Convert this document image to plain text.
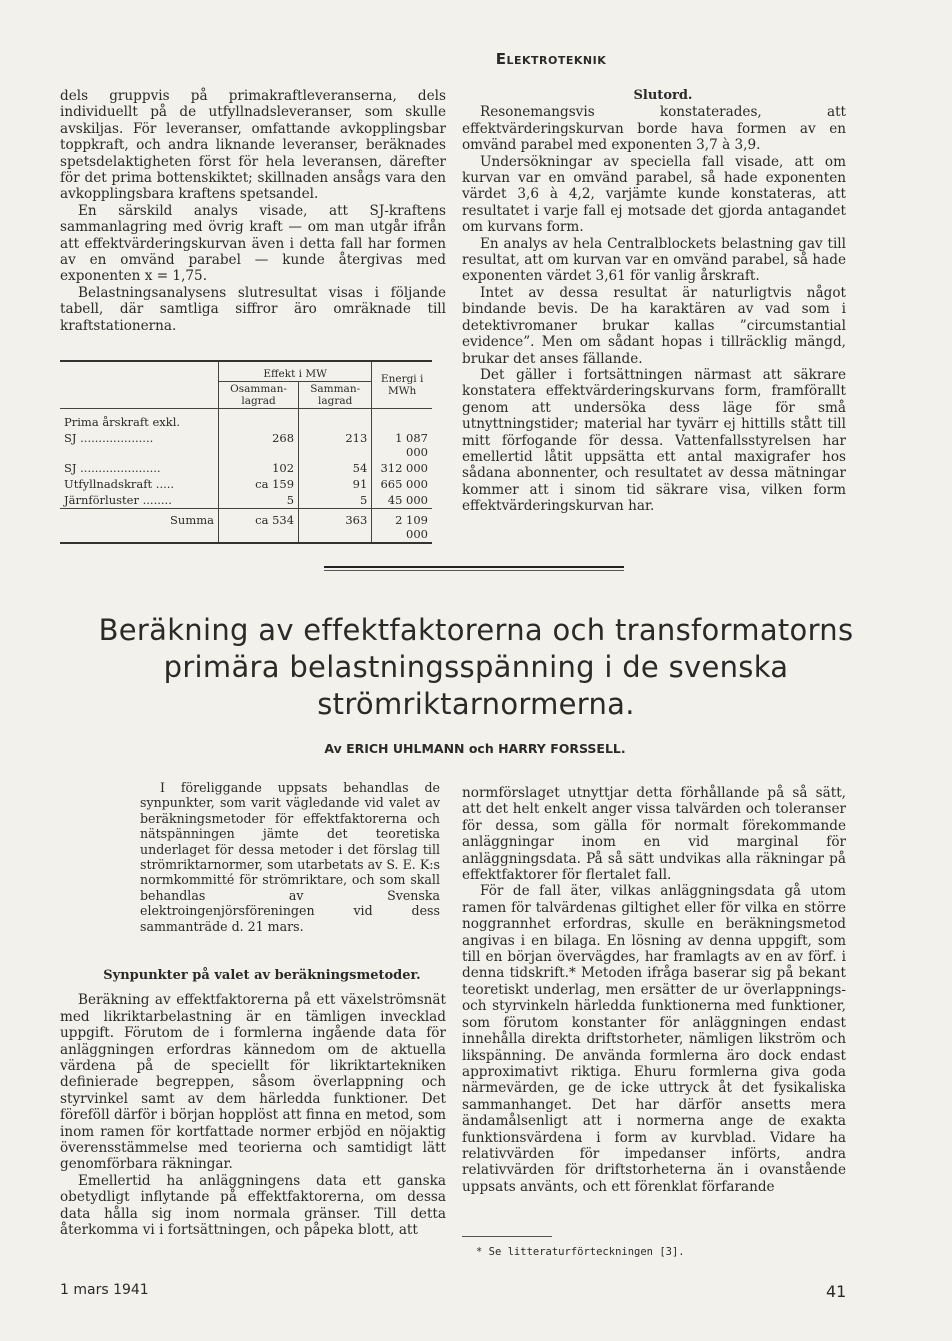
Elektroteknik

dels gruppvis på primakraftleveranserna, dels individuellt på de utfyllnadsleveranser, som skulle avskiljas. För leveranser, omfattande avkopplingsbar toppkraft, och andra liknande leveranser, beräknades spetsdelaktigheten först för hela leveransen, därefter för det prima bottenskiktet; skillnaden ansågs vara den avkopplingsbara kraftens spetsandel.

En särskild analys visade, att SJ-kraftens sammanlagring med övrig kraft — om man utgår ifrån att effektvärderingskurvan även i detta fall har formen av en omvänd parabel — kunde återgivas med exponenten x = 1,75.

Belastningsanalysens slutresultat visas i följande tabell, där samtliga siffror äro omräknade till kraftstationerna.

	Effekt i MW		Energi i MWh
	Osamman-lagrad	Samman-lagrad	
Prima årskraft exkl.			
SJ ....................	268	213	1 087 000
SJ ......................	102	54	312 000
Utfyllnadskraft .....	ca 159	91	665 000
Järnförluster ........	5	5	45 000
Summa	ca 534	363	2 109 000

Slutord.

Resonemangsvis konstaterades, att effektvärderingskurvan borde hava formen av en omvänd parabel med exponenten 3,7 à 3,9.

Undersökningar av speciella fall visade, att om kurvan var en omvänd parabel, så hade exponenten värdet 3,6 à 4,2, varjämte kunde konstateras, att resultatet i varje fall ej motsade det gjorda antagandet om kurvans form.

En analys av hela Centralblockets belastning gav till resultat, att om kurvan var en omvänd parabel, så hade exponenten värdet 3,61 för vanlig årskraft.

Intet av dessa resultat är naturligtvis något bindande bevis. De ha karaktären av vad som i detektivromaner brukar kallas ”circumstantial evidence”. Men om sådant hopas i tillräcklig mängd, brukar det anses fällande.

Det gäller i fortsättningen närmast att säkrare konstatera effektvärderingskurvans form, framförallt genom att undersöka dess läge för små utnyttningstider; material har tyvärr ej hittills stått till mitt förfogande för dessa. Vattenfallsstyrelsen har emellertid låtit uppsätta ett antal maxigrafer hos sådana abonnenter, och resultatet av dessa mätningar kommer att i sinom tid säkrare visa, vilken form effektvärderingskurvan har.

Beräkning av effektfaktorerna och transformatorns
primära belastningsspänning i de svenska
strömriktarnormerna.
Av ERICH UHLMANN och HARRY FORSSELL.

I föreliggande uppsats behandlas de synpunkter, som varit vägledande vid valet av beräkningsmetoder för effektfaktorerna och nätspänningen jämte det teoretiska underlaget för dessa metoder i det förslag till strömriktarnormer, som utarbetats av S. E. K:s normkommitté för strömriktare, och som skall behandlas av Svenska elektroingenjörsföreningen vid dess sammanträde d. 21 mars.

Synpunkter på valet av beräkningsmetoder.

Beräkning av effektfaktorerna på ett växelströmsnät med likriktarbelastning är en tämligen invecklad uppgift. Förutom de i formlerna ingående data för anläggningen erfordras kännedom om de aktuella värdena på de speciellt för likriktartekniken definierade begreppen, såsom överlappning och styrvinkel samt av dem härledda funktioner. Det föreföll därför i början hopplöst att finna en metod, som inom ramen för kortfattade normer erbjöd en nöjaktig överensstämmelse med teorierna och samtidigt lätt genomförbara räkningar.

Emellertid ha anläggningens data ett ganska obetydligt inflytande på effektfaktorerna, om dessa data hålla sig inom normala gränser. Till detta återkomma vi i fortsättningen, och påpeka blott, att

normförslaget utnyttjar detta förhållande på så sätt, att det helt enkelt anger vissa talvärden och toleranser för dessa, som gälla för normalt förekommande anläggningar inom en vid marginal för anläggningsdata. På så sätt undvikas alla räkningar på effektfaktorer för flertalet fall.

För de fall äter, vilkas anläggningsdata gå utom ramen för talvärdenas giltighet eller för vilka en större noggrannhet erfordras, skulle en beräkningsmetod angivas i en bilaga. En lösning av denna uppgift, som till en början övervägdes, har framlagts av en av förf. i denna tidskrift.* Metoden ifråga baserar sig på bekant teoretiskt underlag, men ersätter de ur överlappnings- och styrvinkeln härledda funktionerna med funktioner, som förutom konstanter för anläggningen endast innehålla direkta driftstorheter, nämligen likström och likspänning. De använda formlerna äro dock endast approximativt riktiga. Ehuru formlerna giva goda närmevärden, ge de icke uttryck åt det fysikaliska sammanhanget. Det har därför ansetts mera ändamålsenligt att i normerna ange de exakta funktionsvärdena i form av kurvblad. Vidare ha relativvärden för impedanser införts, andra relativvärden för driftstorheterna än i ovanstående uppsats använts, och ett förenklat förfarande

* Se litteraturförteckningen [3].
1 mars 1941	41
